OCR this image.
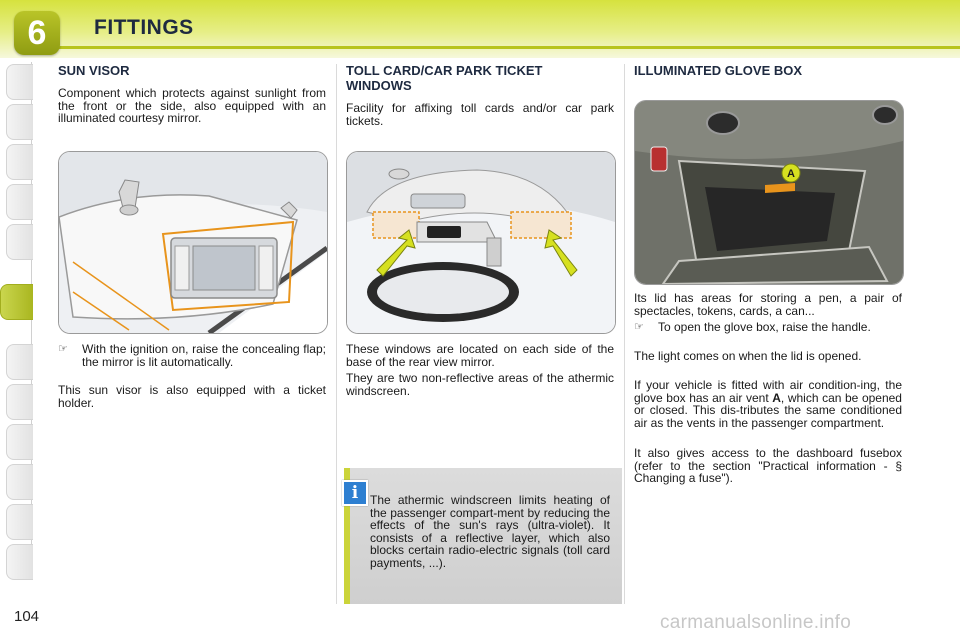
6	FITTINGS
SUN VISOR

Component which protects against sunlight from the front or the side, also equipped with an illuminated courtesy mirror.

☞	With the ignition on, raise the concealing flap; the mirror is lit automatically.

This sun visor is also equipped with a ticket holder.

TOLL CARD/CAR PARK TICKET
WINDOWS

Facility for affixing toll cards and/or car park tickets.

These windows are located on each side of the base of the rear view mirror.

They are two non-reflective areas of the athermic windscreen.

i The athermic windscreen limits heating of the passenger compart-ment by reducing the effects of the sun's rays (ultra-violet). It consists of a reflective layer, which also blocks certain radio-electric signals (toll card payments, ...).

ILLUMINATED GLOVE BOX
A

Its lid has areas for storing a pen, a pair of spectacles, tokens, cards, a can...

☞	To open the glove box, raise the handle.

The light comes on when the lid is opened.

If your vehicle is fitted with air condition-ing, the glove box has an air vent A, which can be opened or closed. This dis-tributes the same conditioned air as the vents in the passenger compartment.

It also gives access to the dashboard fusebox (refer to the section "Practical information - § Changing a fuse").

104	carmanualsonline.info
